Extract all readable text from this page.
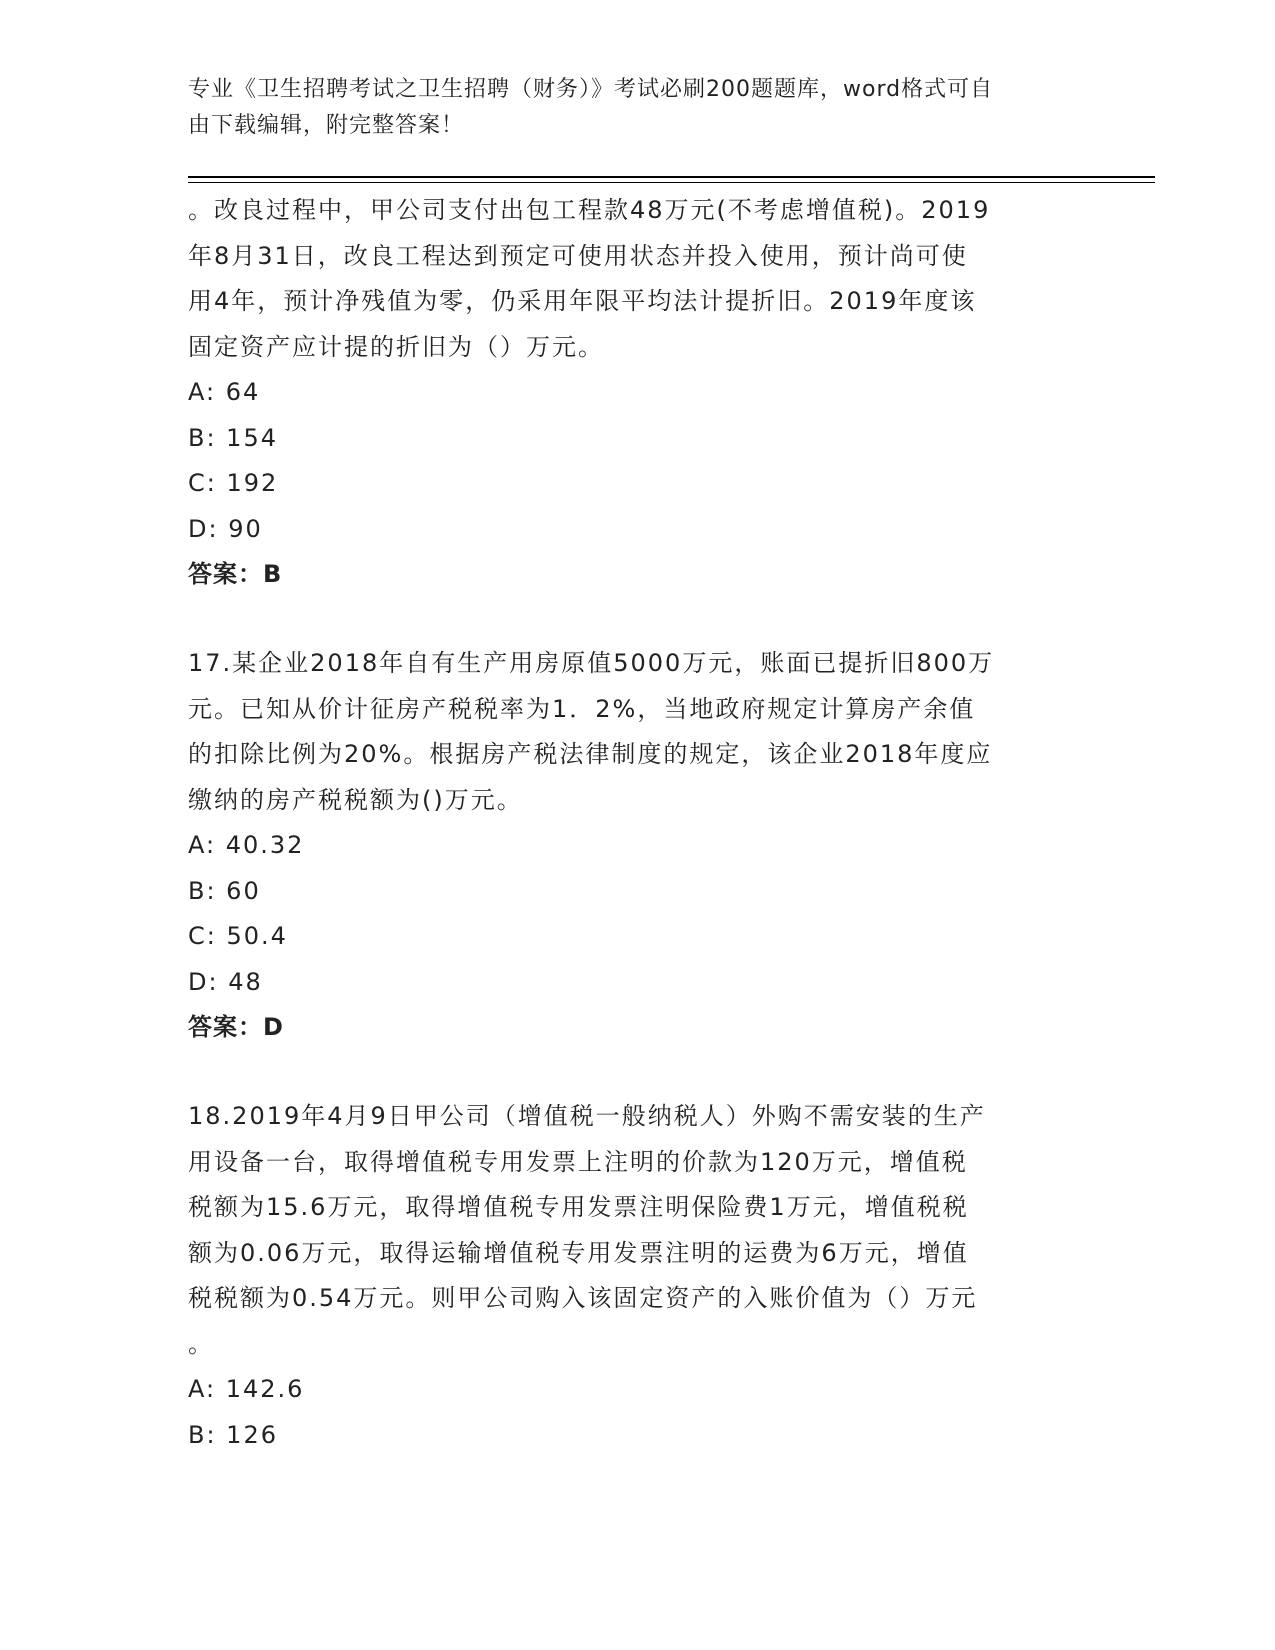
专业《卫生招聘考试之卫生招聘（财务）》考试必刷200题题库，word格式可自
由下载编辑，附完整答案！

。改良过程中，甲公司支付出包工程款48万元(不考虑增值税)。2019

年8月31日，改良工程达到预定可使用状态并投入使用，预计尚可使

用4年，预计净残值为零，仍采用年限平均法计提折旧。2019年度该

固定资产应计提的折旧为（）万元。

A: 64

B: 154

C: 192

D: 90

答案：B

17.某企业2018年自有生产用房原值5000万元，账面已提折旧800万

元。已知从价计征房产税税率为1．2%，当地政府规定计算房产余值

的扣除比例为20%。根据房产税法律制度的规定，该企业2018年度应

缴纳的房产税税额为()万元。

A: 40.32

B: 60

C: 50.4

D: 48

答案：D

18.2019年4月9日甲公司（增值税一般纳税人）外购不需安装的生产

用设备一台，取得增值税专用发票上注明的价款为120万元，增值税

税额为15.6万元，取得增值税专用发票注明保险费1万元，增值税税

额为0.06万元，取得运输增值税专用发票注明的运费为6万元，增值

税税额为0.54万元。则甲公司购入该固定资产的入账价值为（）万元

。

A: 142.6

B: 126
